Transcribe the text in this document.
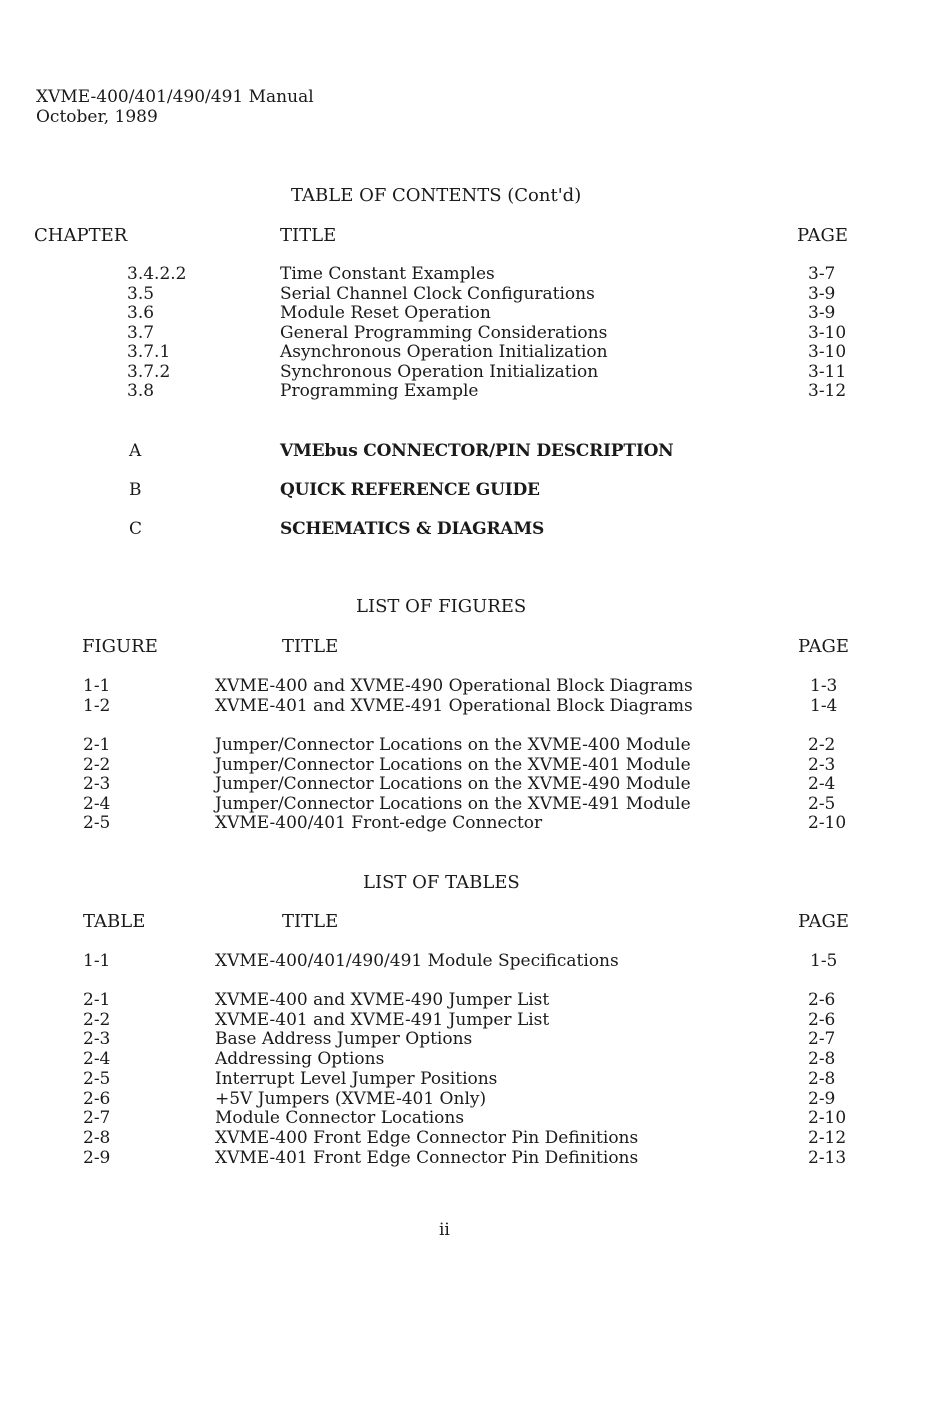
XVME-400/401/490/491 Manual
October, 1989
TABLE OF CONTENTS (Cont'd)
CHAPTER	TITLE	PAGE
3.4.2.2	Time Constant Examples	3-7
3.5	Serial Channel Clock Configurations	3-9
3.6	Module Reset Operation	3-9
3.7	General Programming Considerations	3-10
3.7.1	Asynchronous Operation Initialization	3-10
3.7.2	Synchronous Operation Initialization	3-11
3.8	Programming Example	3-12
A	VMEbus CONNECTOR/PIN DESCRIPTION
B	QUICK REFERENCE GUIDE
C	SCHEMATICS & DIAGRAMS
LIST OF FIGURES
FIGURE	TITLE	PAGE
1-1	XVME-400 and XVME-490 Operational Block Diagrams	1-3
1-2	XVME-401 and XVME-491 Operational Block Diagrams	1-4
2-1	Jumper/Connector Locations on the XVME-400 Module	2-2
2-2	Jumper/Connector Locations on the XVME-401 Module	2-3
2-3	Jumper/Connector Locations on the XVME-490 Module	2-4
2-4	Jumper/Connector Locations on the XVME-491 Module	2-5
2-5	XVME-400/401 Front-edge Connector	2-10
LIST OF TABLES
TABLE	TITLE	PAGE
1-1	XVME-400/401/490/491 Module Specifications	1-5
2-1	XVME-400 and XVME-490 Jumper List	2-6
2-2	XVME-401 and XVME-491 Jumper List	2-6
2-3	Base Address Jumper Options	2-7
2-4	Addressing Options	2-8
2-5	Interrupt Level Jumper Positions	2-8
2-6	+5V Jumpers (XVME-401 Only)	2-9
2-7	Module Connector Locations	2-10
2-8	XVME-400 Front Edge Connector Pin Definitions	2-12
2-9	XVME-401 Front Edge Connector Pin Definitions	2-13
ii
